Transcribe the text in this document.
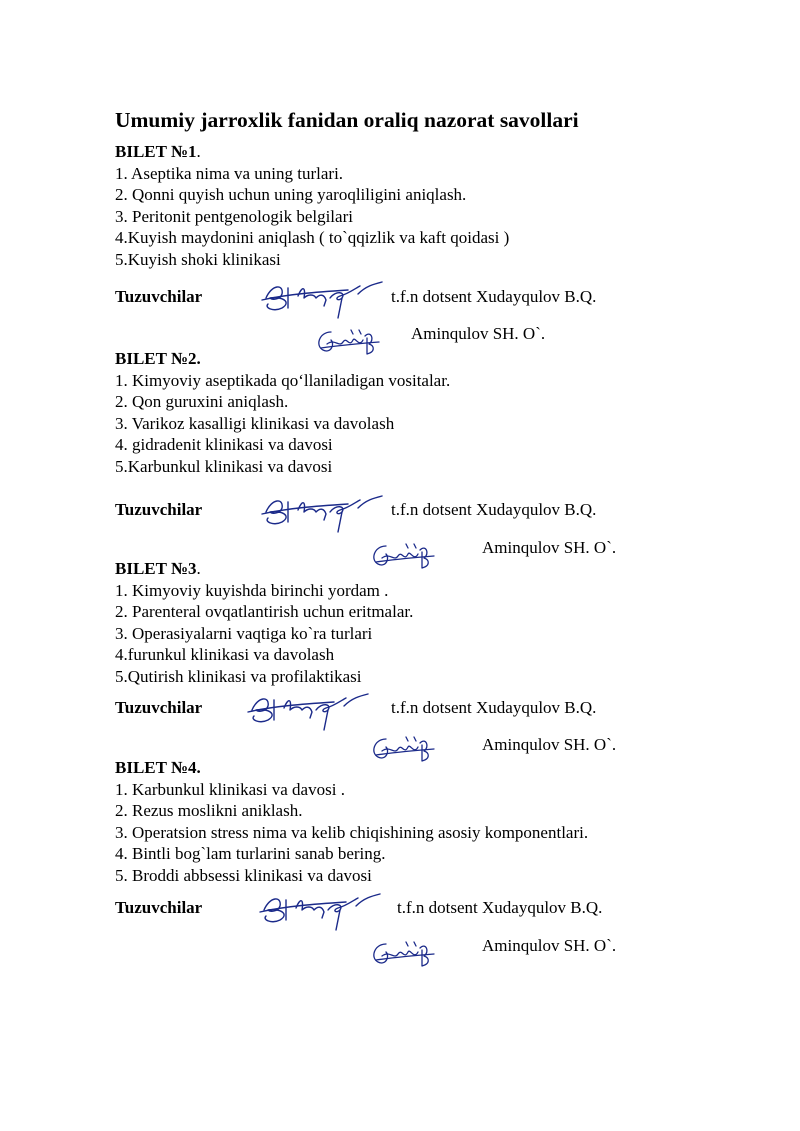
Umumiy jarroxlik fanidan oraliq nazorat savollari
BILET №1.
1. Aseptika nima va uning turlari.
2. Qonni quyish uchun uning yaroqliligini aniqlash.
3. Peritonit pentgenologik belgilari
4.Kuyish maydonini aniqlash ( to`qqizlik va kaft qoidasi )
5.Kuyish shoki klinikasi
Tuzuvchilar	t.f.n dotsent Xudayqulov B.Q.
Aminqulov SH. O`.
BILET №2.
1. Kimyoviy aseptikada qo‘llaniladigan vositalar.
2. Qon guruxini aniqlash.
3. Varikoz kasalligi klinikasi va davolash
4. gidradenit klinikasi va davosi
5.Karbunkul klinikasi va davosi
Tuzuvchilar	t.f.n dotsent Xudayqulov B.Q.
Aminqulov SH. O`.
BILET №3.
1. Kimyoviy kuyishda birinchi yordam .
2. Parenteral ovqatlantirish uchun eritmalar.
3. Operasiyalarni vaqtiga ko`ra turlari
4.furunkul klinikasi va davolash
5.Qutirish klinikasi va profilaktikasi
Tuzuvchilar	t.f.n dotsent Xudayqulov B.Q.
Aminqulov SH. O`.
BILET №4.
1. Karbunkul klinikasi va davosi .
2. Rezus moslikni aniklash.
3. Operatsion stress nima va kelib chiqishining asosiy komponentlari.
4. Bintli bog`lam turlarini sanab bering.
5. Broddi abbsessi klinikasi va davosi
Tuzuvchilar	t.f.n dotsent Xudayqulov B.Q.
Aminqulov SH. O`.
